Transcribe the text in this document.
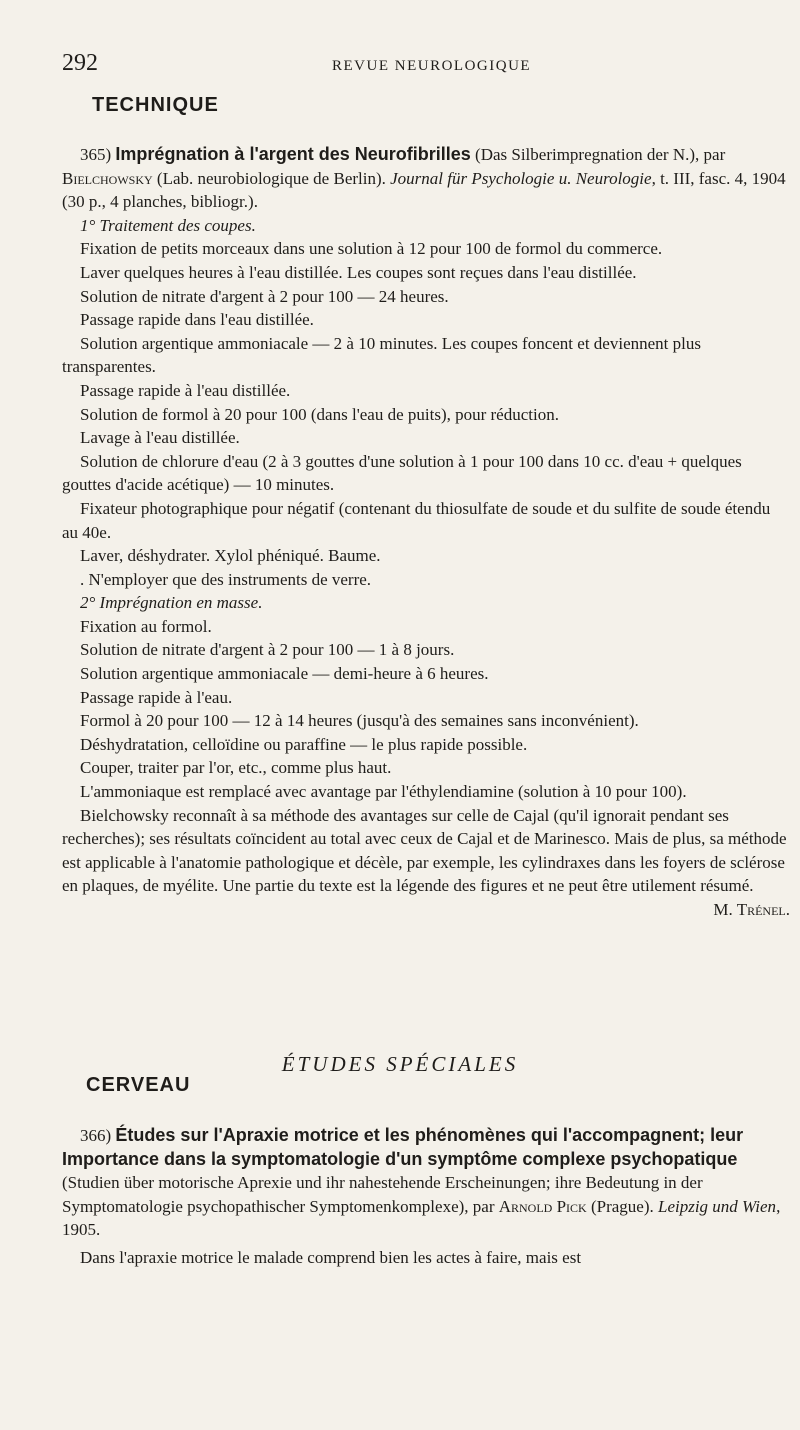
292	REVUE NEUROLOGIQUE
TECHNIQUE

365) Imprégnation à l'argent des Neurofibrilles (Das Silberimpregnation der N.), par Bielchowsky (Lab. neurobiologique de Berlin). Journal für Psychologie u. Neurologie, t. III, fasc. 4, 1904 (30 p., 4 planches, bibliogr.).

1° Traitement des coupes.

Fixation de petits morceaux dans une solution à 12 pour 100 de formol du commerce.

Laver quelques heures à l'eau distillée. Les coupes sont reçues dans l'eau distillée.

Solution de nitrate d'argent à 2 pour 100 — 24 heures.

Passage rapide dans l'eau distillée.

Solution argentique ammoniacale — 2 à 10 minutes. Les coupes foncent et deviennent plus transparentes.

Passage rapide à l'eau distillée.

Solution de formol à 20 pour 100 (dans l'eau de puits), pour réduction.

Lavage à l'eau distillée.

Solution de chlorure d'eau (2 à 3 gouttes d'une solution à 1 pour 100 dans 10 cc. d'eau + quelques gouttes d'acide acétique) — 10 minutes.

Fixateur photographique pour négatif (contenant du thiosulfate de soude et du sulfite de soude étendu au 40e.

Laver, déshydrater. Xylol phéniqué. Baume.

. N'employer que des instruments de verre.

2° Imprégnation en masse.

Fixation au formol.

Solution de nitrate d'argent à 2 pour 100 — 1 à 8 jours.

Solution argentique ammoniacale — demi-heure à 6 heures.

Passage rapide à l'eau.

Formol à 20 pour 100 — 12 à 14 heures (jusqu'à des semaines sans inconvénient).

Déshydratation, celloïdine ou paraffine — le plus rapide possible.

Couper, traiter par l'or, etc., comme plus haut.

L'ammoniaque est remplacé avec avantage par l'éthylendiamine (solution à 10 pour 100).

Bielchowsky reconnaît à sa méthode des avantages sur celle de Cajal (qu'il ignorait pendant ses recherches); ses résultats coïncident au total avec ceux de Cajal et de Marinesco. Mais de plus, sa méthode est applicable à l'anatomie pathologique et décèle, par exemple, les cylindraxes dans les foyers de sclérose en plaques, de myélite. Une partie du texte est la légende des figures et ne peut être utilement résumé.

M. Trénel.

ÉTUDES SPÉCIALES
CERVEAU

366) Études sur l'Apraxie motrice et les phénomènes qui l'accompagnent; leur Importance dans la symptomatologie d'un symptôme complexe psychopatique (Studien über motorische Aprexie und ihr nahestehende Erscheinungen; ihre Bedeutung in der Symptomatologie psychopathischer Symptomenkomplexe), par Arnold Pick (Prague). Leipzig und Wien, 1905.

Dans l'apraxie motrice le malade comprend bien les actes à faire, mais est
